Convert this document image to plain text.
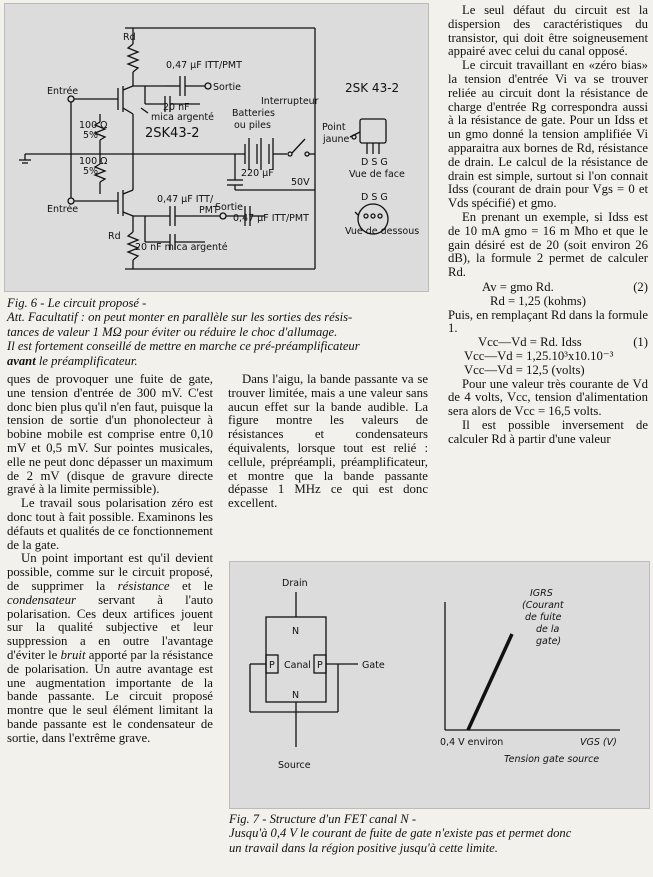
Rd
0,47 µF ITT/PMT
Sortie
Entrée
20 nF
mica argenté
100 Ω
5%	2SK43-2
Batteries
ou piles
Interrupteur
100 Ω
5%	220 µF
50V
0,47 µF ITT/
PMT
Sortie
0,47 µF ITT/PMT
Entrée
Rd
20 nF mica argenté
2SK 43-2
Point
jaune
D S G
Vue de face
D S G
Vue de dessous
Fig. 6 - Le circuit proposé -
Att. Facultatif : on peut monter en parallèle sur les sorties des résis-
tances de valeur 1 MΩ pour éviter ou réduire le choc d'allumage.
Il est fortement conseillé de mettre en marche ce pré-préamplificateur
avant le préamplificateur.

Le seul défaut du circuit est la dispersion des caractéristiques du transistor, qui doit être soigneusement appairé avec celui du canal opposé.

Le circuit travaillant en «zéro bias» la tension d'entrée Vi va se trouver reliée au circuit dont la résistance de charge d'entrée Rg correspondra aussi à la résistance de gate. Pour un Idss et un gmo donné la tension amplifiée Vi apparaitra aux bornes de Rd, résistance de drain. Le calcul de la résistance de drain est simple, surtout si l'on connait Idss (courant de drain pour Vgs = 0 et Vds spécifié) et gmo.

En prenant un exemple, si Idss est de 10 mA gmo = 16 m Mho et que le gain désiré est de 20 (soit environ 26 dB), la formule 2 permet de calculer Rd.

Av = gmo Rd.	(2)
Rd = 1,25 (kohms)

Puis, en remplaçant Rd dans la formule 1.

Vcc—Vd = Rd. Idss	(1)
Vcc—Vd = 1,25.10³x10.10⁻³
Vcc—Vd = 12,5 (volts)

Pour une valeur très courante de Vd de 4 volts, Vcc, tension d'alimentation sera alors de Vcc = 16,5 volts.

Il est possible inversement de calculer Rd à partir d'une valeur

ques de provoquer une fuite de gate, une tension d'entrée de 300 mV. C'est donc bien plus qu'il n'en faut, puisque la tension de sortie d'un phonolecteur à bobine mobile est comprise entre 0,10 mV et 0,5 mV. Sur pointes musicales, elle ne peut donc dépasser un maximum de 2 mV (disque de gravure directe gravé à la limite permissible).

Le travail sous polarisation zéro est donc tout à fait possible. Examinons les défauts et qualités de ce fonctionnement de la gate.

Un point important est qu'il devient possible, comme sur le circuit proposé, de supprimer la résistance et le condensateur servant à l'auto polarisation. Ces deux artifices jouent sur la qualité subjective et leur suppression a en outre l'avantage d'éviter le bruit apporté par la résistance de polarisation. Un autre avantage est une augmentation importante de la bande passante. Le circuit proposé montre que le seul élément limitant la bande passante est le condensateur de sortie, dans l'extrême grave.

Dans l'aigu, la bande passante va se trouver limitée, mais a une valeur sans aucun effet sur la bande audible. La figure montre les valeurs de résistances et condensateurs équivalents, lorsque tout est relié : cellule, prépréampli, préamplificateur, et montre que la bande passante dépasse 1 MHz ce qui est donc excellent.

Drain
N
Canal
P	P	Gate
N
Source
IGRS
(Courant
de fuite
de la
gate)
0,4 V environ	VGS (V)
Tension gate source
Fig. 7 - Structure d'un FET canal N -
Jusqu'à 0,4 V le courant de fuite de gate n'existe pas et permet donc
un travail dans la région positive jusqu'à cette limite.
